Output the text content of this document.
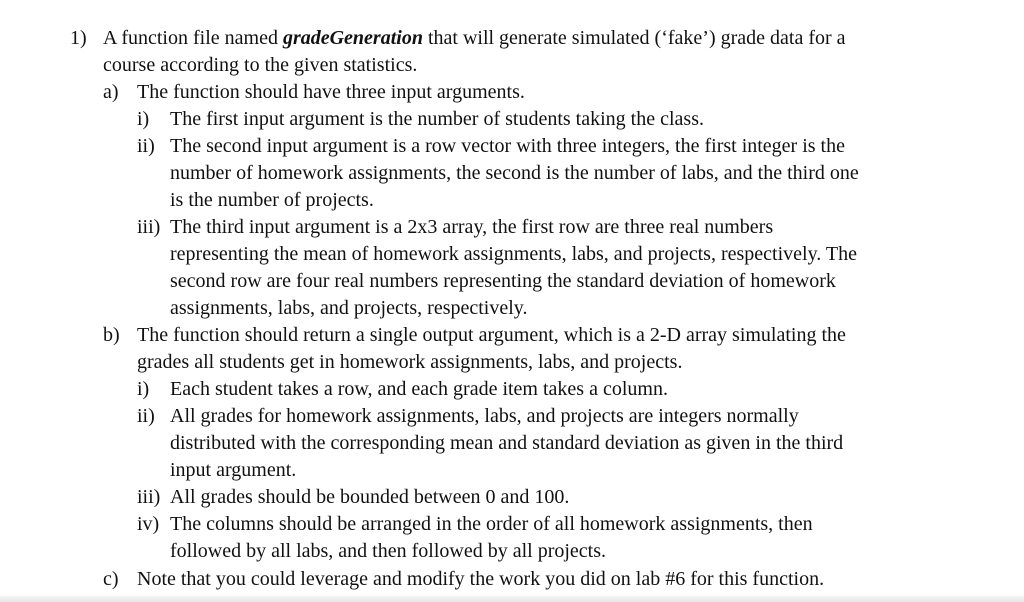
1) A function file named gradeGeneration that will generate simulated (‘fake’) grade data for a
course according to the given statistics.
a) The function should have three input arguments.
i) The first input argument is the number of students taking the class.
ii) The second input argument is a row vector with three integers, the first integer is the
number of homework assignments, the second is the number of labs, and the third one
is the number of projects.
iii) The third input argument is a 2x3 array, the first row are three real numbers
representing the mean of homework assignments, labs, and projects, respectively. The
second row are four real numbers representing the standard deviation of homework
assignments, labs, and projects, respectively.
b) The function should return a single output argument, which is a 2-D array simulating the
grades all students get in homework assignments, labs, and projects.
i) Each student takes a row, and each grade item takes a column.
ii) All grades for homework assignments, labs, and projects are integers normally
distributed with the corresponding mean and standard deviation as given in the third
input argument.
iii) All grades should be bounded between 0 and 100.
iv) The columns should be arranged in the order of all homework assignments, then
followed by all labs, and then followed by all projects.
c) Note that you could leverage and modify the work you did on lab #6 for this function.
